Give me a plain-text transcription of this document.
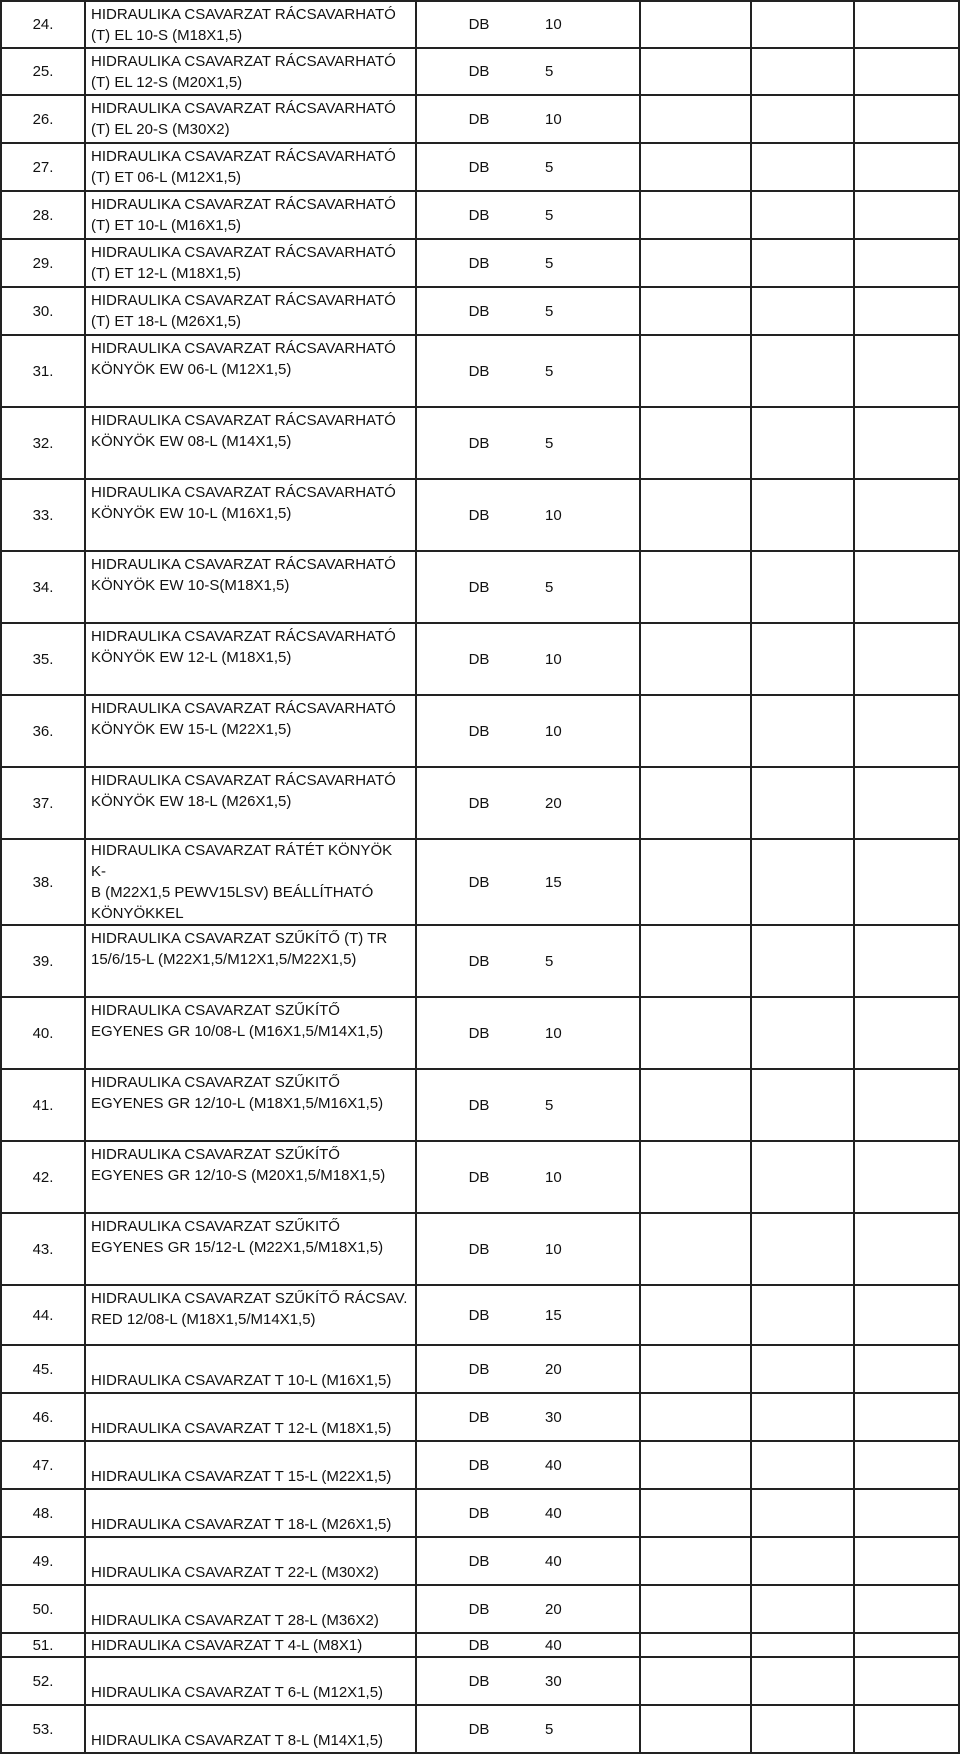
24.	HIDRAULIKA CSAVARZAT RÁCSAVARHATÓ
(T) EL 10-S (M18X1,5)	DB	10			
25.	HIDRAULIKA CSAVARZAT RÁCSAVARHATÓ
(T) EL 12-S (M20X1,5)	DB	5			
26.	HIDRAULIKA CSAVARZAT RÁCSAVARHATÓ
(T) EL 20-S (M30X2)	DB	10			
27.	HIDRAULIKA CSAVARZAT RÁCSAVARHATÓ
(T) ET 06-L (M12X1,5)	DB	5			
28.	HIDRAULIKA CSAVARZAT RÁCSAVARHATÓ
(T) ET 10-L (M16X1,5)	DB	5			
29.	HIDRAULIKA CSAVARZAT RÁCSAVARHATÓ
(T) ET 12-L (M18X1,5)	DB	5			
30.	HIDRAULIKA CSAVARZAT RÁCSAVARHATÓ
(T) ET 18-L (M26X1,5)	DB	5			
31.	HIDRAULIKA CSAVARZAT RÁCSAVARHATÓ
KÖNYÖK EW 06-L (M12X1,5)	DB	5			
32.	HIDRAULIKA CSAVARZAT RÁCSAVARHATÓ
KÖNYÖK EW 08-L (M14X1,5)	DB	5			
33.	HIDRAULIKA CSAVARZAT RÁCSAVARHATÓ
KÖNYÖK EW 10-L (M16X1,5)	DB	10			
34.	HIDRAULIKA CSAVARZAT RÁCSAVARHATÓ
KÖNYÖK EW 10-S(M18X1,5)	DB	5			
35.	HIDRAULIKA CSAVARZAT RÁCSAVARHATÓ
KÖNYÖK EW 12-L (M18X1,5)	DB	10			
36.	HIDRAULIKA CSAVARZAT RÁCSAVARHATÓ
KÖNYÖK EW 15-L (M22X1,5)	DB	10			
37.	HIDRAULIKA CSAVARZAT RÁCSAVARHATÓ
KÖNYÖK EW 18-L (M26X1,5)	DB	20			
38.	HIDRAULIKA CSAVARZAT RÁTÉT KÖNYÖK K-
B (M22X1,5 PEWV15LSV) BEÁLLÍTHATÓ
KÖNYÖKKEL	DB	15			
39.	HIDRAULIKA CSAVARZAT SZŰKÍTŐ (T) TR
15/6/15-L (M22X1,5/M12X1,5/M22X1,5)	DB	5			
40.	HIDRAULIKA CSAVARZAT SZŰKÍTŐ
EGYENES GR 10/08-L (M16X1,5/M14X1,5)	DB	10			
41.	HIDRAULIKA CSAVARZAT SZŰKITŐ
EGYENES GR 12/10-L (M18X1,5/M16X1,5)	DB	5			
42.	HIDRAULIKA CSAVARZAT SZŰKÍTŐ
EGYENES GR 12/10-S (M20X1,5/M18X1,5)	DB	10			
43.	HIDRAULIKA CSAVARZAT SZŰKITŐ
EGYENES GR 15/12-L (M22X1,5/M18X1,5)	DB	10			
44.	HIDRAULIKA CSAVARZAT SZŰKÍTŐ RÁCSAV.
RED 12/08-L (M18X1,5/M14X1,5)	DB	15			
45.	HIDRAULIKA CSAVARZAT T 10-L (M16X1,5)	DB	20			
46.	HIDRAULIKA CSAVARZAT T 12-L (M18X1,5)	DB	30			
47.	HIDRAULIKA CSAVARZAT T 15-L (M22X1,5)	DB	40			
48.	HIDRAULIKA CSAVARZAT T 18-L (M26X1,5)	DB	40			
49.	HIDRAULIKA CSAVARZAT T 22-L (M30X2)	DB	40			
50.	HIDRAULIKA CSAVARZAT T 28-L (M36X2)	DB	20			
51.	HIDRAULIKA CSAVARZAT T 4-L (M8X1)	DB	40			
52.	HIDRAULIKA CSAVARZAT T 6-L (M12X1,5)	DB	30			
53.	HIDRAULIKA CSAVARZAT T 8-L (M14X1,5)	DB	5			
